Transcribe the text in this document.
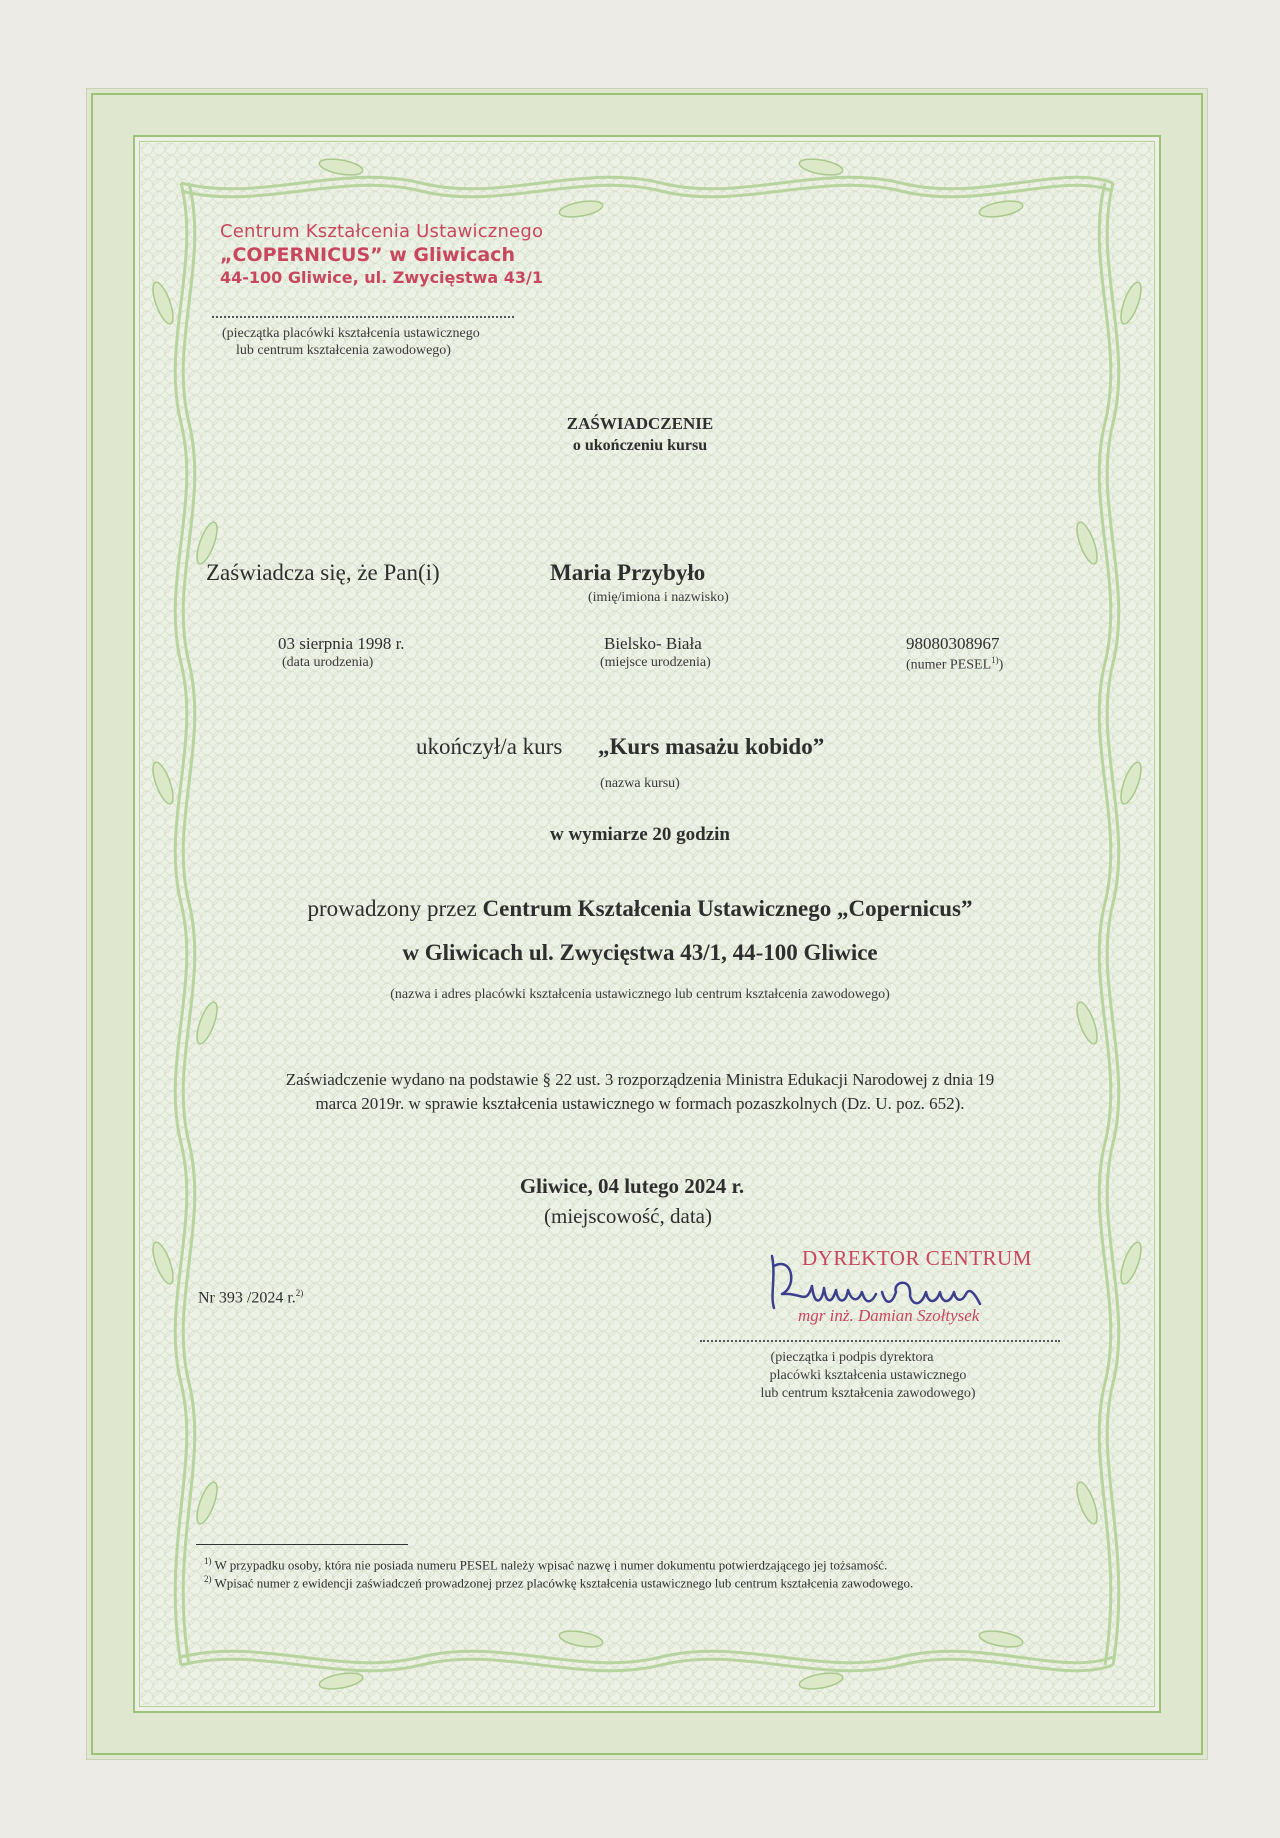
Centrum Kształcenia Ustawicznego
„COPERNICUS” w Gliwicach
44-100 Gliwice, ul. Zwycięstwa 43/1
(pieczątka placówki kształcenia ustawicznego
lub centrum kształcenia zawodowego)
ZAŚWIADCZENIE
o ukończeniu kursu
Zaświadcza się, że Pan(i)	Maria Przybyło
(imię/imiona i nazwisko)
03 sierpnia 1998 r.
(data urodzenia)
Bielsko- Biała
(miejsce urodzenia)
98080308967
(numer PESEL$^{1)}$)
ukończył/a kurs „Kurs masażu kobido”
(nazwa kursu)
w wymiarze 20 godzin
prowadzony przez Centrum Kształcenia Ustawicznego „Copernicus”
w Gliwicach ul. Zwycięstwa 43/1, 44-100 Gliwice
(nazwa i adres placówki kształcenia ustawicznego lub centrum kształcenia zawodowego)
Zaświadczenie wydano na podstawie § 22 ust. 3 rozporządzenia Ministra Edukacji Narodowej z dnia 19
marca 2019r. w sprawie kształcenia ustawicznego w formach pozaszkolnych (Dz. U. poz. 652).
Gliwice, 04 lutego 2024 r.
(miejscowość, data)
Nr 393 /2024 r.$^{2)}$
DYREKTOR CENTRUM
mgr inż. Damian Szołtysek
(pieczątka i podpis dyrektora
placówki kształcenia ustawicznego
lub centrum kształcenia zawodowego)
$^{1)}$ W przypadku osoby, która nie posiada numeru PESEL należy wpisać nazwę i numer dokumentu potwierdzającego jej tożsamość.
$^{2)}$ Wpisać numer z ewidencji zaświadczeń prowadzonej przez placówkę kształcenia ustawicznego lub centrum kształcenia zawodowego.
